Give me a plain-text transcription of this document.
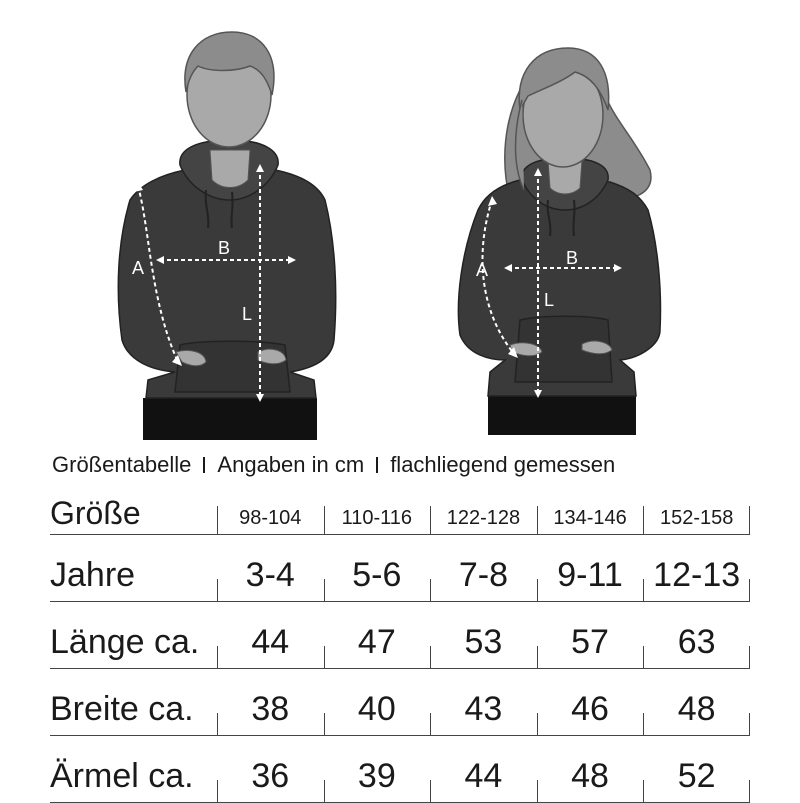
A
B
L
A
B
L
Größentabelle Angaben in cm flachliegend gemessen
Größe	98-104	110-116	122-128	134-146	152-158
Jahre	3-4	5-6	7-8	9-11	12-13
Länge ca.	44	47	53	57	63
Breite ca.	38	40	43	46	48
Ärmel ca.	36	39	44	48	52
